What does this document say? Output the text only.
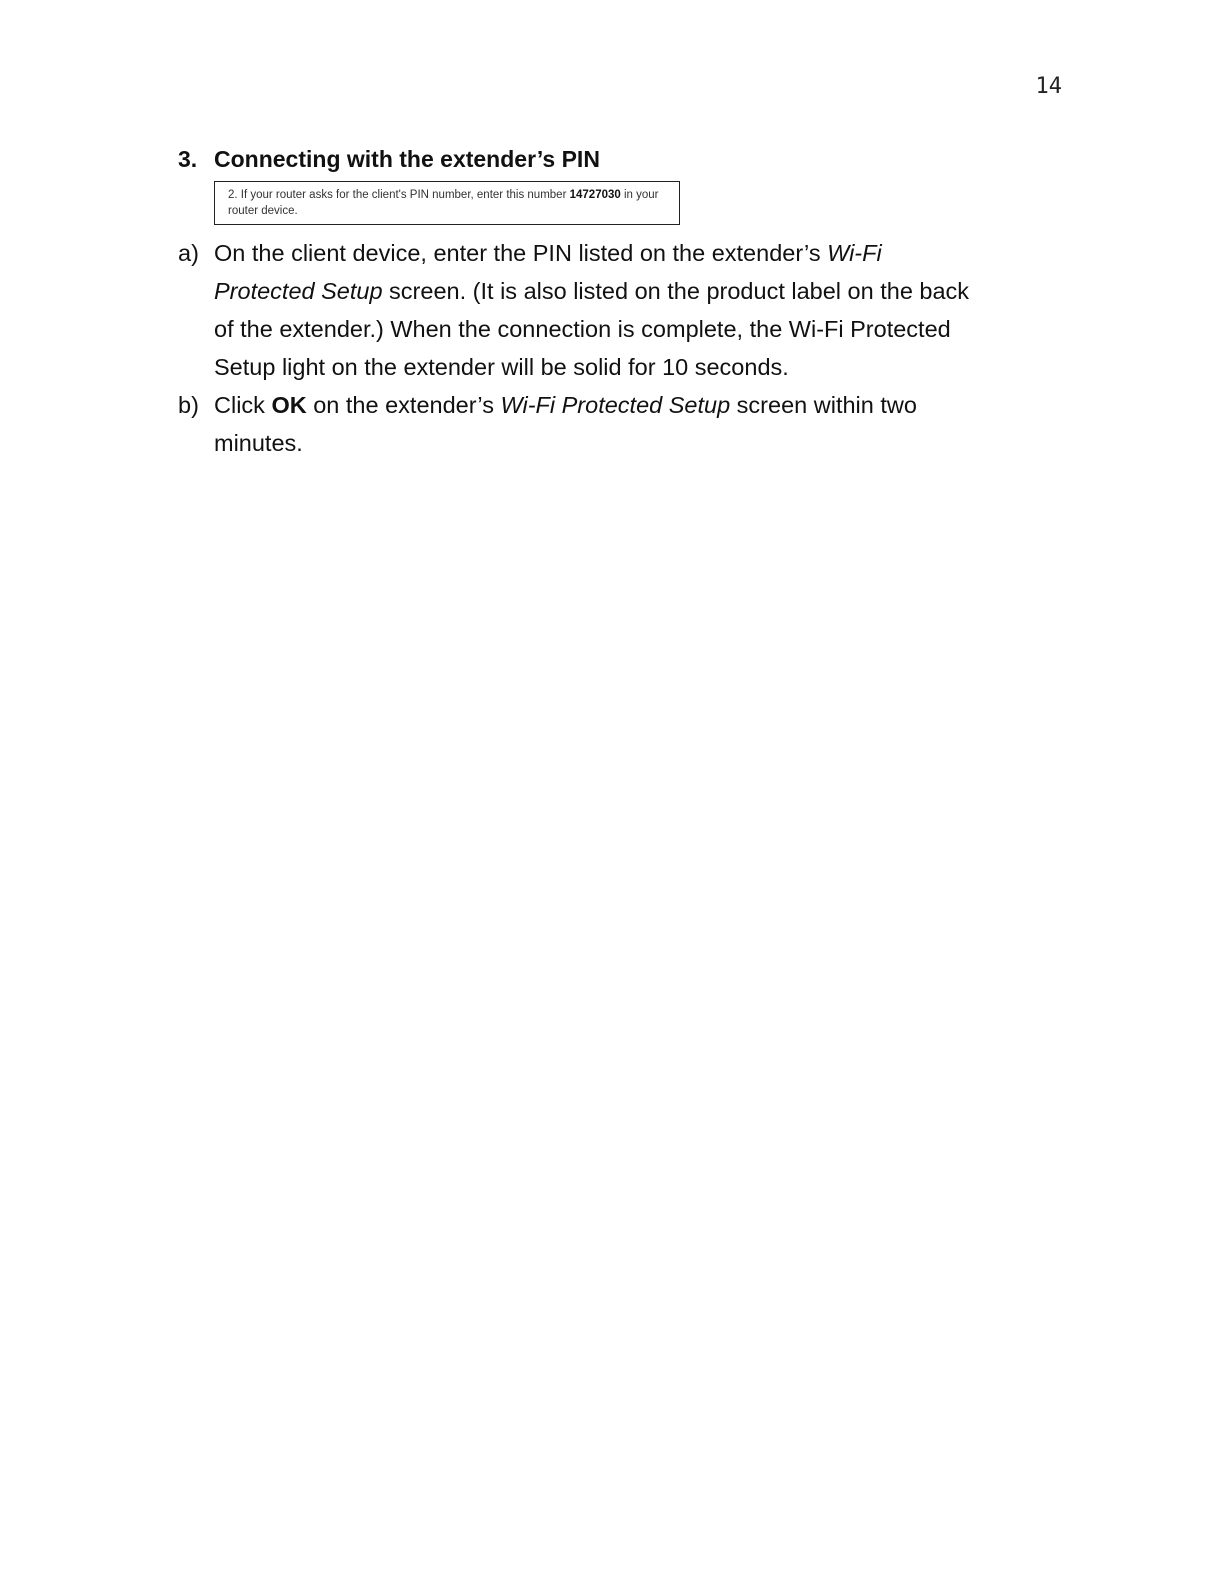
14
3. Connecting with the extender’s PIN
2. If your router asks for the client's PIN number, enter this number 14727030 in your router device.
a) On the client device, enter the PIN listed on the extender’s Wi-Fi Protected Setup screen. (It is also listed on the product label on the back of the extender.) When the connection is complete, the Wi-Fi Protected Setup light on the extender will be solid for 10 seconds.
b) Click OK on the extender’s Wi-Fi Protected Setup screen within two minutes.
